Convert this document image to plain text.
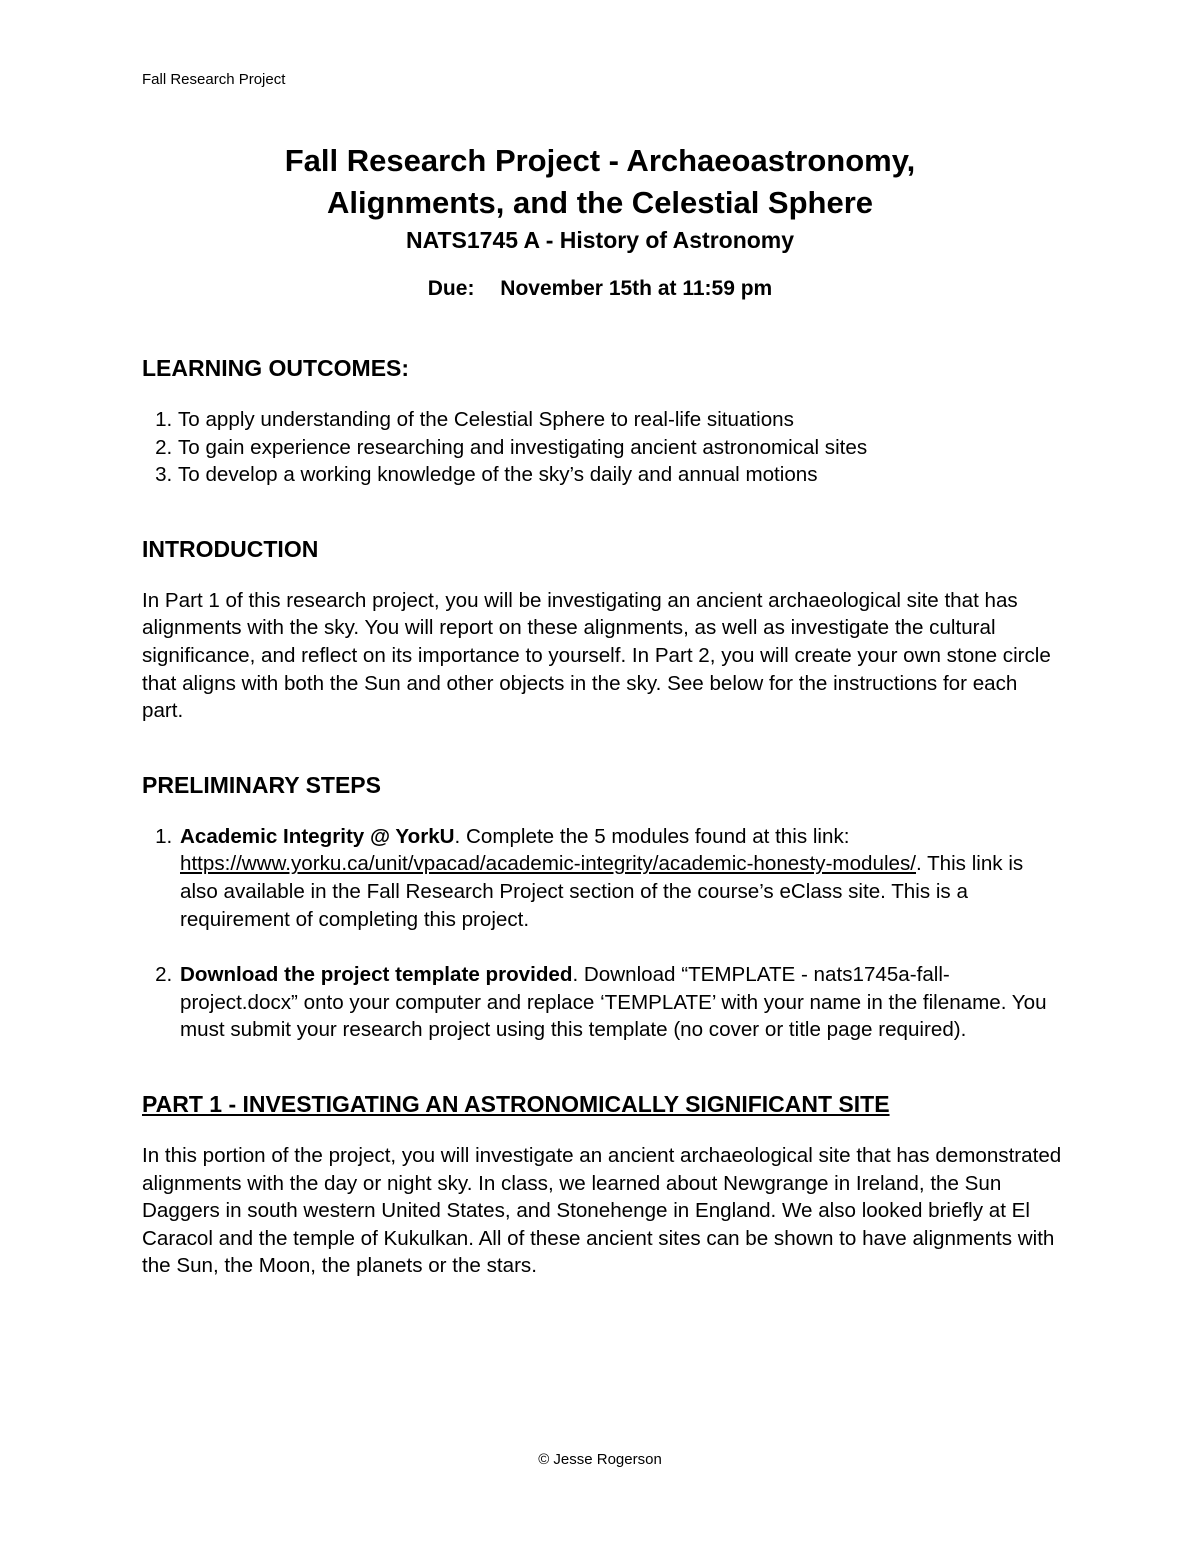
Fall Research Project
Fall Research Project - Archaeoastronomy,
Alignments, and the Celestial Sphere
NATS1745 A - History of Astronomy
Due: November 15th at 11:59 pm
LEARNING OUTCOMES:
1. To apply understanding of the Celestial Sphere to real-life situations
2. To gain experience researching and investigating ancient astronomical sites
3. To develop a working knowledge of the sky’s daily and annual motions
INTRODUCTION

In Part 1 of this research project, you will be investigating an ancient archaeological site that has alignments with the sky. You will report on these alignments, as well as investigate the cultural significance, and reflect on its importance to yourself. In Part 2, you will create your own stone circle that aligns with both the Sun and other objects in the sky. See below for the instructions for each part.

PRELIMINARY STEPS
1. Academic Integrity @ YorkU. Complete the 5 modules found at this link: https://www.yorku.ca/unit/vpacad/academic-integrity/academic-honesty-modules/. This link is also available in the Fall Research Project section of the course’s eClass site. This is a requirement of completing this project.
2. Download the project template provided. Download “TEMPLATE - nats1745a-fall-project.docx” onto your computer and replace ‘TEMPLATE’ with your name in the filename. You must submit your research project using this template (no cover or title page required).
PART 1 - INVESTIGATING AN ASTRONOMICALLY SIGNIFICANT SITE

In this portion of the project, you will investigate an ancient archaeological site that has demonstrated alignments with the day or night sky. In class, we learned about Newgrange in Ireland, the Sun Daggers in south western United States, and Stonehenge in England. We also looked briefly at El Caracol and the temple of Kukulkan. All of these ancient sites can be shown to have alignments with the Sun, the Moon, the planets or the stars.

© Jesse Rogerson
